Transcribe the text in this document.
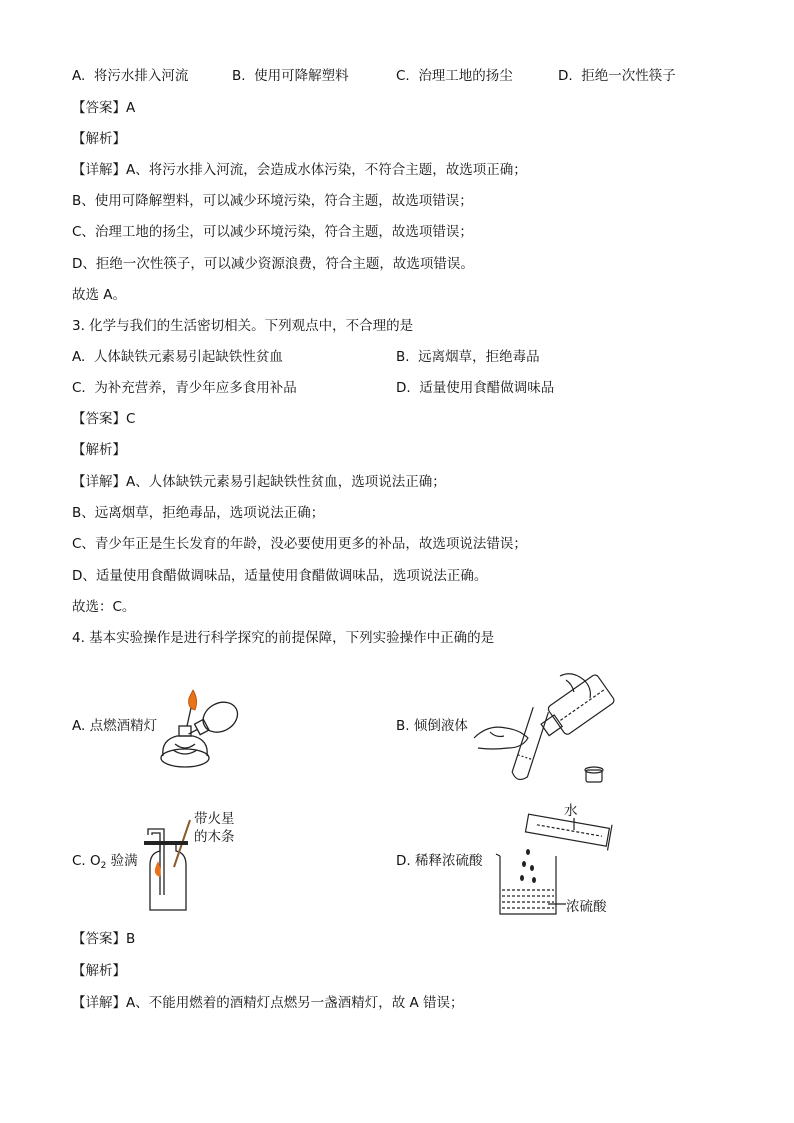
A. 将污水排入河流	B. 使用可降解塑料	C. 治理工地的扬尘	D. 拒绝一次性筷子
【答案】A
【解析】
【详解】A、将污水排入河流，会造成水体污染，不符合主题，故选项正确；
B、使用可降解塑料，可以减少环境污染，符合主题，故选项错误；
C、治理工地的扬尘，可以减少环境污染，符合主题，故选项错误；
D、拒绝一次性筷子，可以减少资源浪费，符合主题，故选项错误。
故选 A。
3. 化学与我们的生活密切相关。下列观点中，不合理的是
A. 人体缺铁元素易引起缺铁性贫血	B. 远离烟草，拒绝毒品
C. 为补充营养，青少年应多食用补品	D. 适量使用食醋做调味品
【答案】C
【解析】
【详解】A、人体缺铁元素易引起缺铁性贫血，选项说法正确；
B、远离烟草，拒绝毒品，选项说法正确；
C、青少年正是生长发育的年龄，没必要使用更多的补品，故选项说法错误；
D、适量使用食醋做调味品，适量使用食醋做调味品，选项说法正确。
故选：C。
4. 基本实验操作是进行科学探究的前提保障，下列实验操作中正确的是
A. 点燃酒精灯	B. 倾倒液体
C. $O_2$ 验满	D. 稀释浓硫酸
带火星
的木条
水
浓硫酸
【答案】B
【解析】
【详解】A、不能用燃着的酒精灯点燃另一盏酒精灯，故 A 错误；
